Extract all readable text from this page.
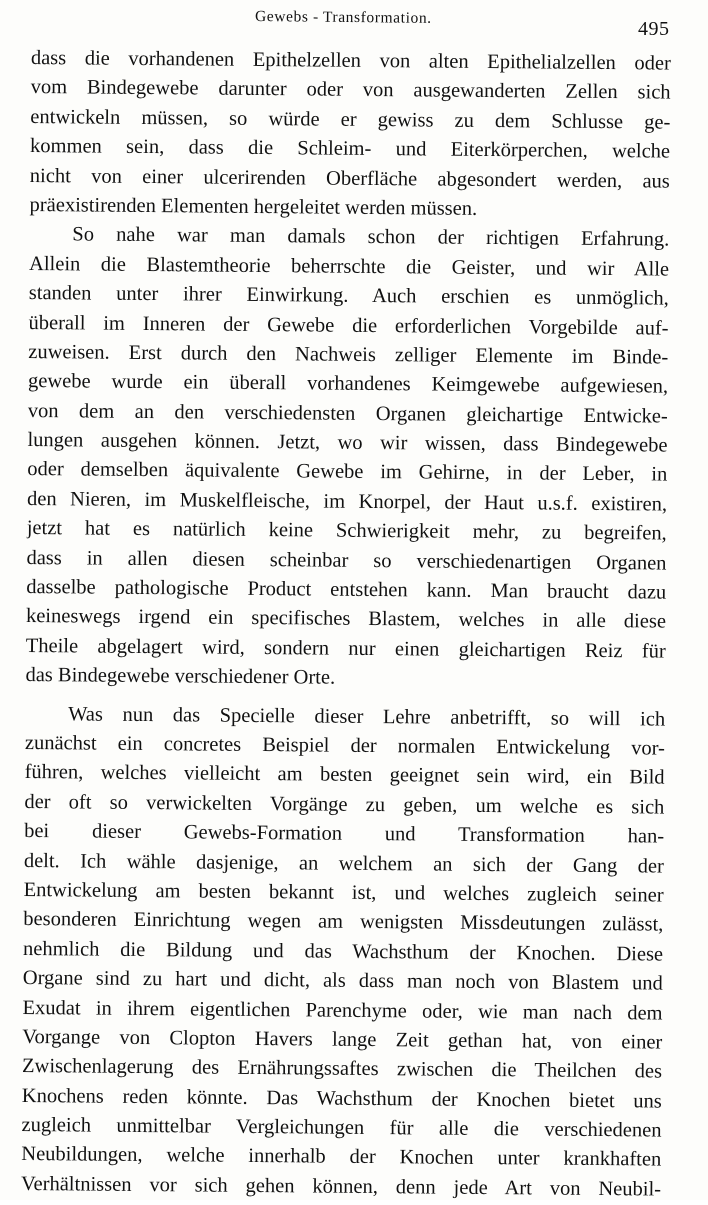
Gewebs - Transformation.
495
dass die vorhandenen Epithelzellen von alten Epithelialzellen oder
vom Bindegewebe darunter oder von ausgewanderten Zellen sich
entwickeln müssen, so würde er gewiss zu dem Schlusse ge-
kommen sein, dass die Schleim- und Eiterkörperchen, welche
nicht von einer ulcerirenden Oberfläche abgesondert werden, aus
präexistirenden Elementen hergeleitet werden müssen.
So nahe war man damals schon der richtigen Erfahrung.
Allein die Blastemtheorie beherrschte die Geister, und wir Alle
standen unter ihrer Einwirkung. Auch erschien es unmöglich,
überall im Inneren der Gewebe die erforderlichen Vorgebilde auf-
zuweisen. Erst durch den Nachweis zelliger Elemente im Binde-
gewebe wurde ein überall vorhandenes Keimgewebe aufgewiesen,
von dem an den verschiedensten Organen gleichartige Entwicke-
lungen ausgehen können. Jetzt, wo wir wissen, dass Bindegewebe
oder demselben äquivalente Gewebe im Gehirne, in der Leber, in
den Nieren, im Muskelfleische, im Knorpel, der Haut u.s.f. existiren,
jetzt hat es natürlich keine Schwierigkeit mehr, zu begreifen,
dass in allen diesen scheinbar so verschiedenartigen Organen
dasselbe pathologische Product entstehen kann. Man braucht dazu
keineswegs irgend ein specifisches Blastem, welches in alle diese
Theile abgelagert wird, sondern nur einen gleichartigen Reiz für
das Bindegewebe verschiedener Orte.
Was nun das Specielle dieser Lehre anbetrifft, so will ich
zunächst ein concretes Beispiel der normalen Entwickelung vor-
führen, welches vielleicht am besten geeignet sein wird, ein Bild
der oft so verwickelten Vorgänge zu geben, um welche es sich
bei dieser Gewebs-Formation und Transformation han-
delt. Ich wähle dasjenige, an welchem an sich der Gang der
Entwickelung am besten bekannt ist, und welches zugleich seiner
besonderen Einrichtung wegen am wenigsten Missdeutungen zulässt,
nehmlich die Bildung und das Wachsthum der Knochen. Diese
Organe sind zu hart und dicht, als dass man noch von Blastem und
Exudat in ihrem eigentlichen Parenchyme oder, wie man nach dem
Vorgange von Clopton Havers lange Zeit gethan hat, von einer
Zwischenlagerung des Ernährungssaftes zwischen die Theilchen des
Knochens reden könnte. Das Wachsthum der Knochen bietet uns
zugleich unmittelbar Vergleichungen für alle die verschiedenen
Neubildungen, welche innerhalb der Knochen unter krankhaften
Verhältnissen vor sich gehen können, denn jede Art von Neubil-
